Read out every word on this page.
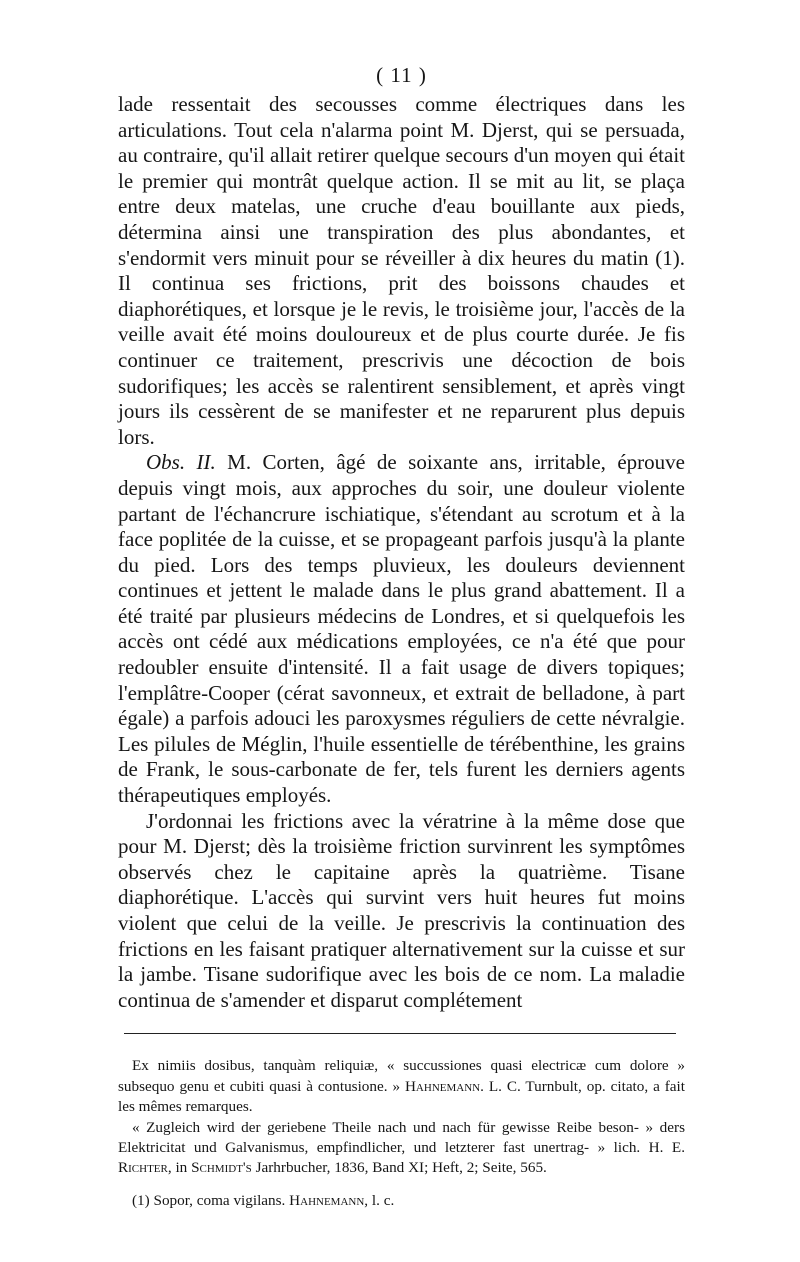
( 11 )

lade ressentait des secousses comme électriques dans les articulations. Tout cela n'alarma point M. Djerst, qui se persuada, au contraire, qu'il allait retirer quelque secours d'un moyen qui était le premier qui montrât quelque action. Il se mit au lit, se plaça entre deux matelas, une cruche d'eau bouillante aux pieds, détermina ainsi une transpiration des plus abondantes, et s'endormit vers minuit pour se réveiller à dix heures du matin (1). Il continua ses frictions, prit des boissons chaudes et diaphorétiques, et lorsque je le revis, le troisième jour, l'accès de la veille avait été moins douloureux et de plus courte durée. Je fis continuer ce traitement, prescrivis une décoction de bois sudorifiques; les accès se ralentirent sensiblement, et après vingt jours ils cessèrent de se manifester et ne reparurent plus depuis lors.

Obs. II. M. Corten, âgé de soixante ans, irritable, éprouve depuis vingt mois, aux approches du soir, une douleur violente partant de l'échancrure ischiatique, s'étendant au scrotum et à la face poplitée de la cuisse, et se propageant parfois jusqu'à la plante du pied. Lors des temps pluvieux, les douleurs deviennent continues et jettent le malade dans le plus grand abattement. Il a été traité par plusieurs médecins de Londres, et si quelquefois les accès ont cédé aux médications employées, ce n'a été que pour redoubler ensuite d'intensité. Il a fait usage de divers topiques; l'emplâtre-Cooper (cérat savonneux, et extrait de belladone, à part égale) a parfois adouci les paroxysmes réguliers de cette névralgie. Les pilules de Méglin, l'huile essentielle de térébenthine, les grains de Frank, le sous-carbonate de fer, tels furent les derniers agents thérapeutiques employés.

J'ordonnai les frictions avec la vératrine à la même dose que pour M. Djerst; dès la troisième friction survinrent les symptômes observés chez le capitaine après la quatrième. Tisane diaphorétique. L'accès qui survint vers huit heures fut moins violent que celui de la veille. Je prescrivis la continuation des frictions en les faisant pratiquer alternativement sur la cuisse et sur la jambe. Tisane sudorifique avec les bois de ce nom. La maladie continua de s'amender et disparut complétement

Ex nimiis dosibus, tanquàm reliquiæ, « succussiones quasi electricæ cum dolore » subsequo genu et cubiti quasi à contusione. » Hahnemann. L. C. Turnbult, op. citato, a fait les mêmes remarques.

« Zugleich wird der geriebene Theile nach und nach für gewisse Reibe beson- » ders Elektricitat und Galvanismus, empfindlicher, und letzterer fast unertrag- » lich. H. E. Richter, in Schmidt's Jarhrbucher, 1836, Band XI; Heft, 2; Seite, 565.

(1) Sopor, coma vigilans. Hahnemann, l. c.
